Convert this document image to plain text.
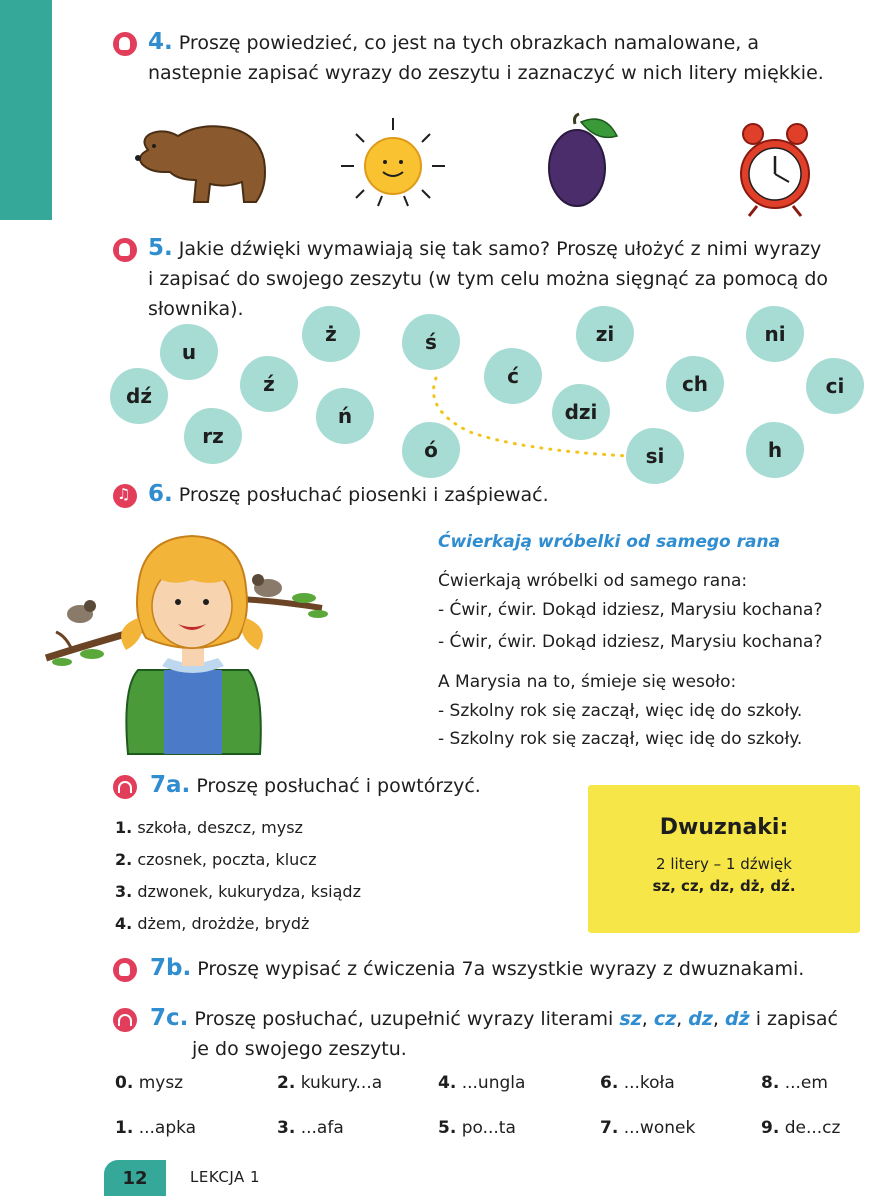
4. Proszę powiedzieć, co jest na tych obrazkach namalowane, a
nastepnie zapisać wyrazy do zeszytu i zaznaczyć w nich litery miękkie.
5. Jakie dźwięki wymawiają się tak samo? Proszę ułożyć z nimi wyrazy
i zapisać do swojego zeszytu (w tym celu można sięgnąć za pomocą do
słownika).
dź
u
rz
ź
ż
ń
ś
ó
ć
zi
dzi
si
ch
ni
h
ci
♫
6. Proszę posłuchać piosenki i zaśpiewać.
Ćwierkają wróbelki od samego rana
Ćwierkają wróbelki od samego rana:
- Ćwir, ćwir. Dokąd idziesz, Marysiu kochana?
- Ćwir, ćwir. Dokąd idziesz, Marysiu kochana?
A Marysia na to, śmieje się wesoło:
- Szkolny rok się zaczął, więc idę do szkoły.
- Szkolny rok się zaczął, więc idę do szkoły.
7a. Proszę posłuchać i powtórzyć.
1. szkoła, deszcz, mysz
2. czosnek, poczta, klucz
3. dzwonek, kukurydza, ksiądz
4. dżem, drożdże, brydż
Dwuznaki:
2 litery – 1 dźwięk
sz, cz, dz, dż, dź.
7b. Proszę wypisać z ćwiczenia 7a wszystkie wyrazy z dwuznakami.
7c. Proszę posłuchać, uzupełnić wyrazy literami sz, cz, dz, dż i zapisać
je do swojego zeszytu.
0. mysz	2. kukury...a	4. ...ungla	6. ...koła	8. ...em
1. ...apka	3. ...afa	5. po...ta	7. ...wonek	9. de...cz
12	LEKCJA 1
